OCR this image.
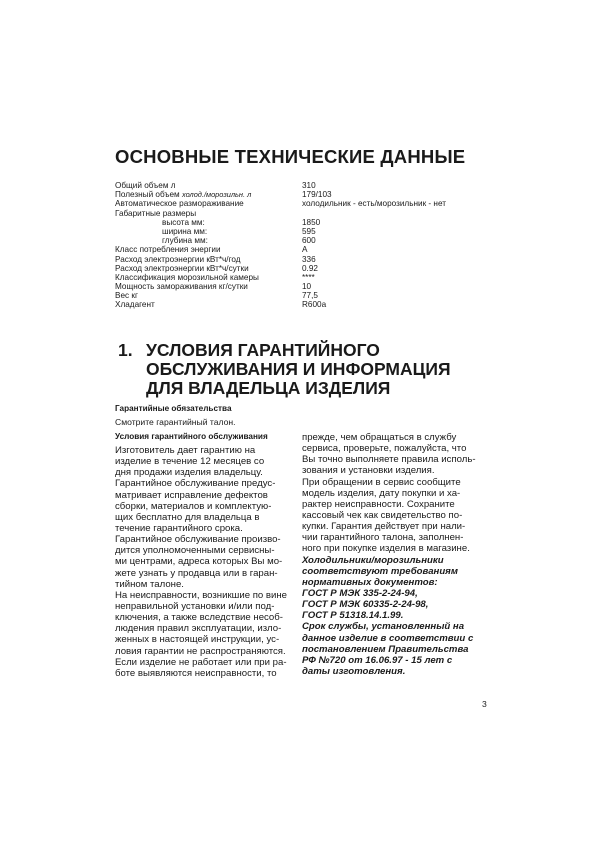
ОСНОВНЫЕ ТЕХНИЧЕСКИЕ ДАННЫЕ
Общий объем л	310
Полезный объем холод./морозильн. л	179/103
Автоматическое размораживание	холодильник - есть/морозильник - нет
Габаритные размеры
высота мм:	1850
ширина мм:	595
глубина мм:	600
Класс потребления энергии	А
Расход электроэнергии кВт*ч/год	336
Расход электроэнергии кВт*ч/сутки	0.92
Классификация морозильной камеры	****
Мощность замораживания кг/сутки	10
Вес кг	77,5
Хладагент	R600a
1. УСЛОВИЯ ГАРАНТИЙНОГО
ОБСЛУЖИВАНИЯ И ИНФОРМАЦИЯ
ДЛЯ ВЛАДЕЛЬЦА ИЗДЕЛИЯ
Гарантийные обязательства
Смотрите гарантийный талон.
Условия гарантийного обслуживания
Изготовитель дает гарантию на
изделие в течение 12 месяцев со
дня продажи изделия владельцу.
Гарантийное обслуживание предус-
матривает исправление дефектов
сборки, материалов и комплектую-
щих бесплатно для владельца в
течение гарантийного срока.
Гарантийное обслуживание произво-
дится уполномоченными сервисны-
ми центрами, адреса которых Вы мо-
жете узнать у продавца или в гаран-
тийном талоне.
На неисправности, возникшие по вине
неправильной установки и/или под-
ключения, а также вследствие несоб-
людения правил эксплуатации, изло-
женных в настоящей инструкции, ус-
ловия гарантии не распространяются.
Если изделие не работает или при ра-
боте выявляются неисправности, то
прежде, чем обращаться в службу
сервиса, проверьте, пожалуйста, что
Вы точно выполняете правила исполь-
зования и установки изделия.
При обращении в сервис сообщите
модель изделия, дату покупки и ха-
рактер неисправности. Сохраните
кассовый чек как свидетельство по-
купки. Гарантия действует при нали-
чии гарантийного талона, заполнен-
ного при покупке изделия в магазине.
Холодильники/морозильники
соответствуют требованиям
нормативных документов:
ГОСТ Р МЭК 335-2-24-94,
ГОСТ Р МЭК 60335-2-24-98,
ГОСТ Р 51318.14.1.99.
Срок службы, установленный на
данное изделие в соответствии с
постановлением Правительства
РФ №720 от 16.06.97 - 15 лет с
даты изготовления.
3
